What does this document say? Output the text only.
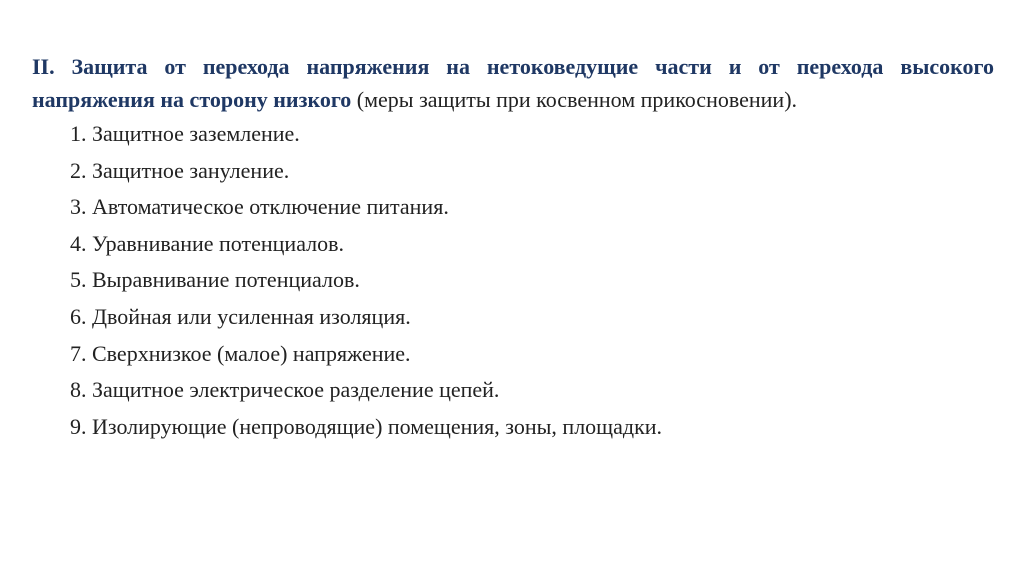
II. Защита от перехода напряжения на нетоковедущие части и от перехода высокого напряжения на сторону низкого (меры защиты при косвенном прикосновении).

1. Защитное заземление.
2. Защитное зануление.
3. Автоматическое отключение питания.
4. Уравнивание потенциалов.
5. Выравнивание потенциалов.
6. Двойная или усиленная изоляция.
7. Сверхнизкое (малое) напряжение.
8. Защитное электрическое разделение цепей.
9. Изолирующие (непроводящие) помещения, зоны, площадки.
